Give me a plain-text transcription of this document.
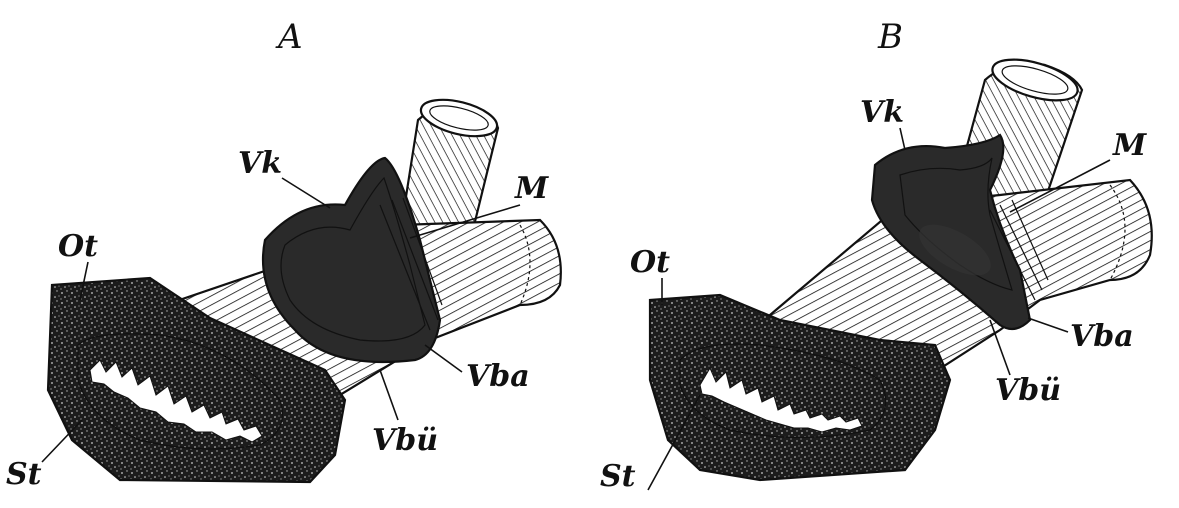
A
Vk
M
Ot
St
Vba
Vbü
B
Vk
M
Ot
St
Vba
Vbü
